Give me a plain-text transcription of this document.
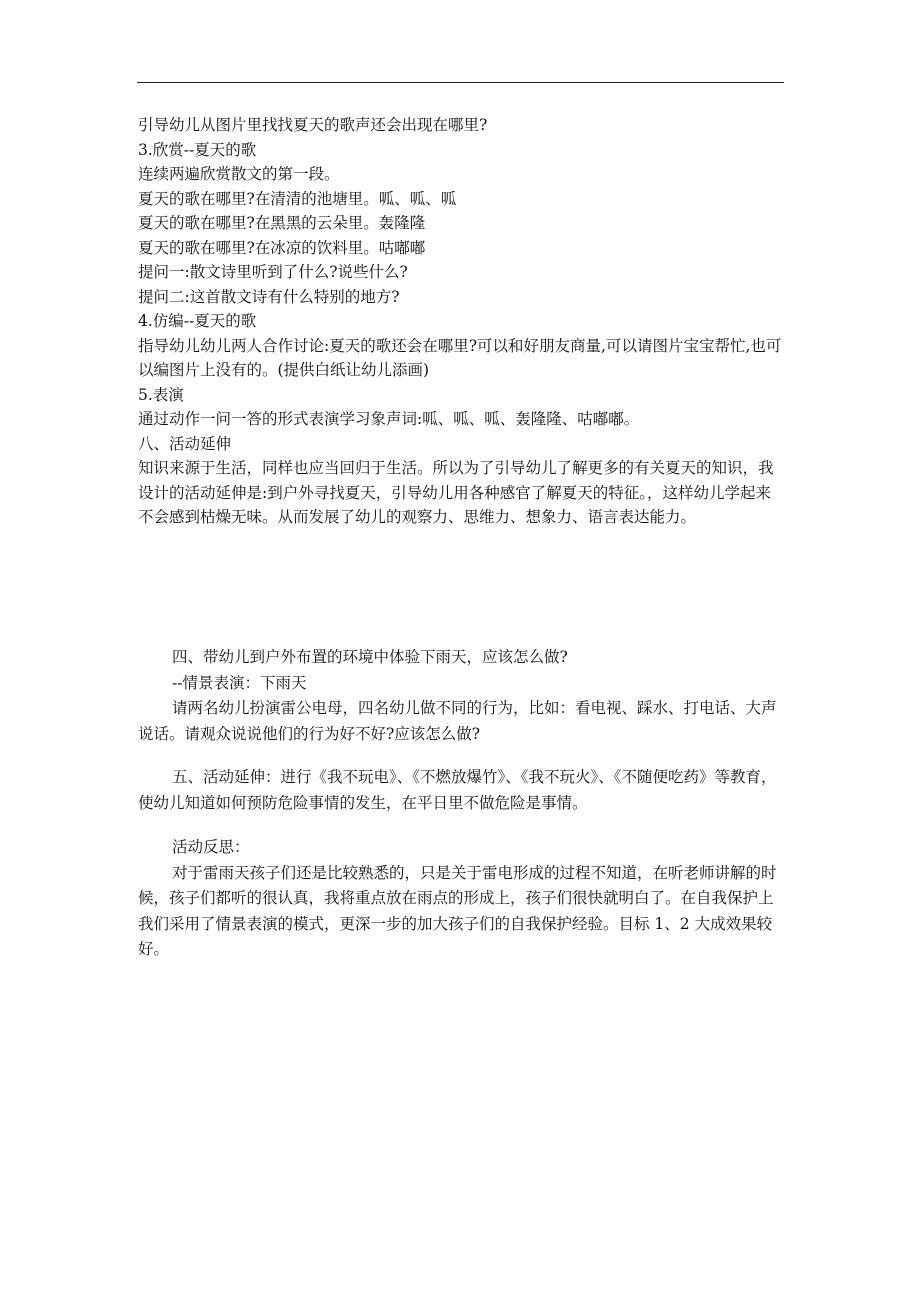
引导幼儿从图片里找找夏天的歌声还会出现在哪里?

3.欣赏--夏天的歌

连续两遍欣赏散文的第一段。

夏天的歌在哪里?在清清的池塘里。呱、呱、呱

夏天的歌在哪里?在黑黑的云朵里。轰隆隆

夏天的歌在哪里?在冰凉的饮料里。咕嘟嘟

提问一:散文诗里听到了什么?说些什么?

提问二:这首散文诗有什么特别的地方?

4.仿编--夏天的歌

指导幼儿幼儿两人合作讨论:夏天的歌还会在哪里?可以和好朋友商量,可以请图片宝宝帮忙,也可以编图片上没有的。(提供白纸让幼儿添画)

5.表演

通过动作一问一答的形式表演学习象声词:呱、呱、呱、轰隆隆、咕嘟嘟。

八、活动延伸

知识来源于生活，同样也应当回归于生活。所以为了引导幼儿了解更多的有关夏天的知识，我设计的活动延伸是:到户外寻找夏天，引导幼儿用各种感官了解夏天的特征。，这样幼儿学起来不会感到枯燥无味。从而发展了幼儿的观察力、思维力、想象力、语言表达能力。

四、带幼儿到户外布置的环境中体验下雨天，应该怎么做?

--情景表演：下雨天

请两名幼儿扮演雷公电母，四名幼儿做不同的行为，比如：看电视、踩水、打电话、大声说话。请观众说说他们的行为好不好?应该怎么做?

五、活动延伸：进行《我不玩电》、《不燃放爆竹》、《我不玩火》、《不随便吃药》等教育，使幼儿知道如何预防危险事情的发生，在平日里不做危险是事情。

活动反思：

对于雷雨天孩子们还是比较熟悉的，只是关于雷电形成的过程不知道，在听老师讲解的时候，孩子们都听的很认真，我将重点放在雨点的形成上，孩子们很快就明白了。在自我保护上我们采用了情景表演的模式，更深一步的加大孩子们的自我保护经验。目标 1、2 大成效果较好。
